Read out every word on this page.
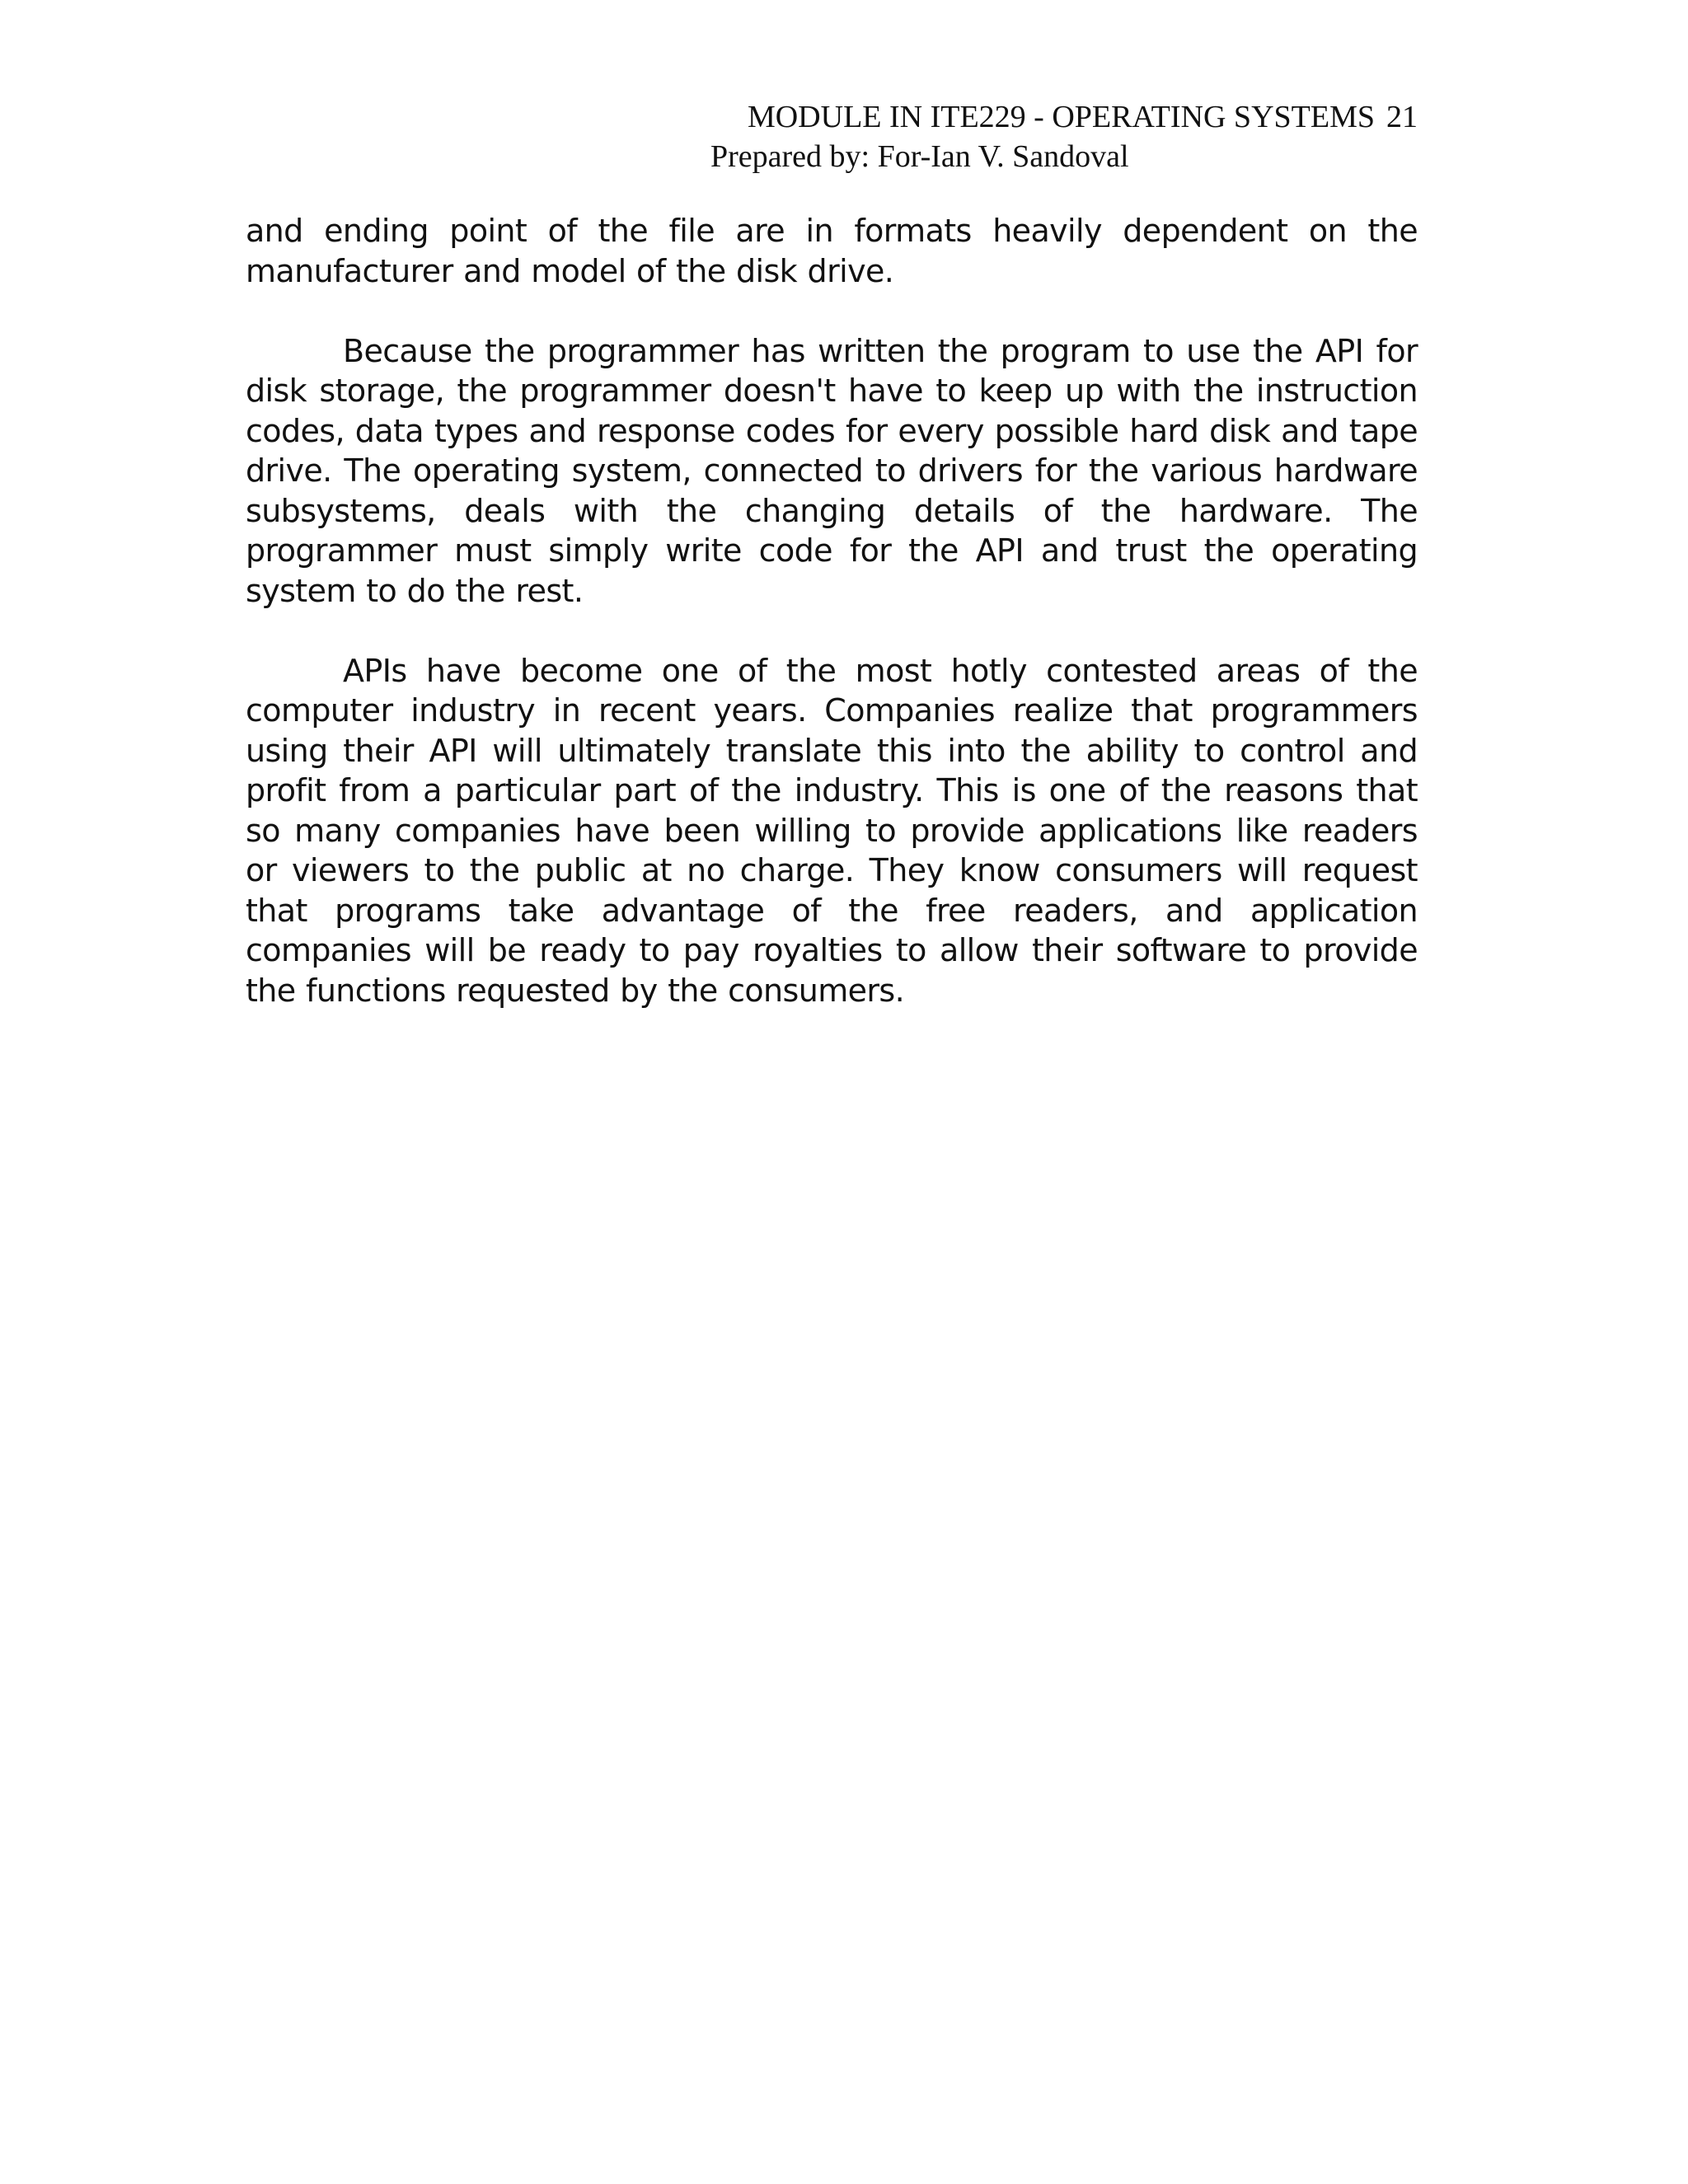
MODULE IN ITE229 - OPERATING SYSTEMS 21
Prepared by: For-Ian V. Sandoval

and ending point of the file are in formats heavily dependent on the manufacturer and model of the disk drive.

Because the programmer has written the program to use the API for disk storage, the programmer doesn't have to keep up with the instruction codes, data types and response codes for every possible hard disk and tape drive. The operating system, connected to drivers for the various hardware subsystems, deals with the changing details of the hardware. The programmer must simply write code for the API and trust the operating system to do the rest.

APIs have become one of the most hotly contested areas of the computer industry in recent years. Companies realize that programmers using their API will ultimately translate this into the ability to control and profit from a particular part of the industry. This is one of the reasons that so many companies have been willing to provide applications like readers or viewers to the public at no charge. They know consumers will request that programs take advantage of the free readers, and application companies will be ready to pay royalties to allow their software to provide the functions requested by the consumers.
